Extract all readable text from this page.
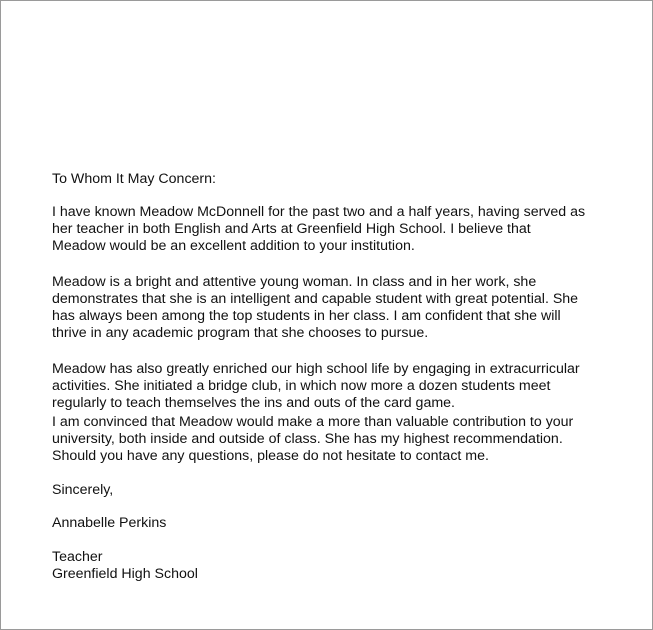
To Whom It May Concern:

I have known Meadow McDonnell for the past two and a half years, having served as
her teacher in both English and Arts at Greenfield High School. I believe that
Meadow would be an excellent addition to your institution.

Meadow is a bright and attentive young woman. In class and in her work, she
demonstrates that she is an intelligent and capable student with great potential. She
has always been among the top students in her class. I am confident that she will
thrive in any academic program that she chooses to pursue.

Meadow has also greatly enriched our high school life by engaging in extracurricular
activities. She initiated a bridge club, in which now more a dozen students meet
regularly to teach themselves the ins and outs of the card game.

I am convinced that Meadow would make a more than valuable contribution to your
university, both inside and outside of class. She has my highest recommendation.
Should you have any questions, please do not hesitate to contact me.

Sincerely,

Annabelle Perkins

Teacher

Greenfield High School
